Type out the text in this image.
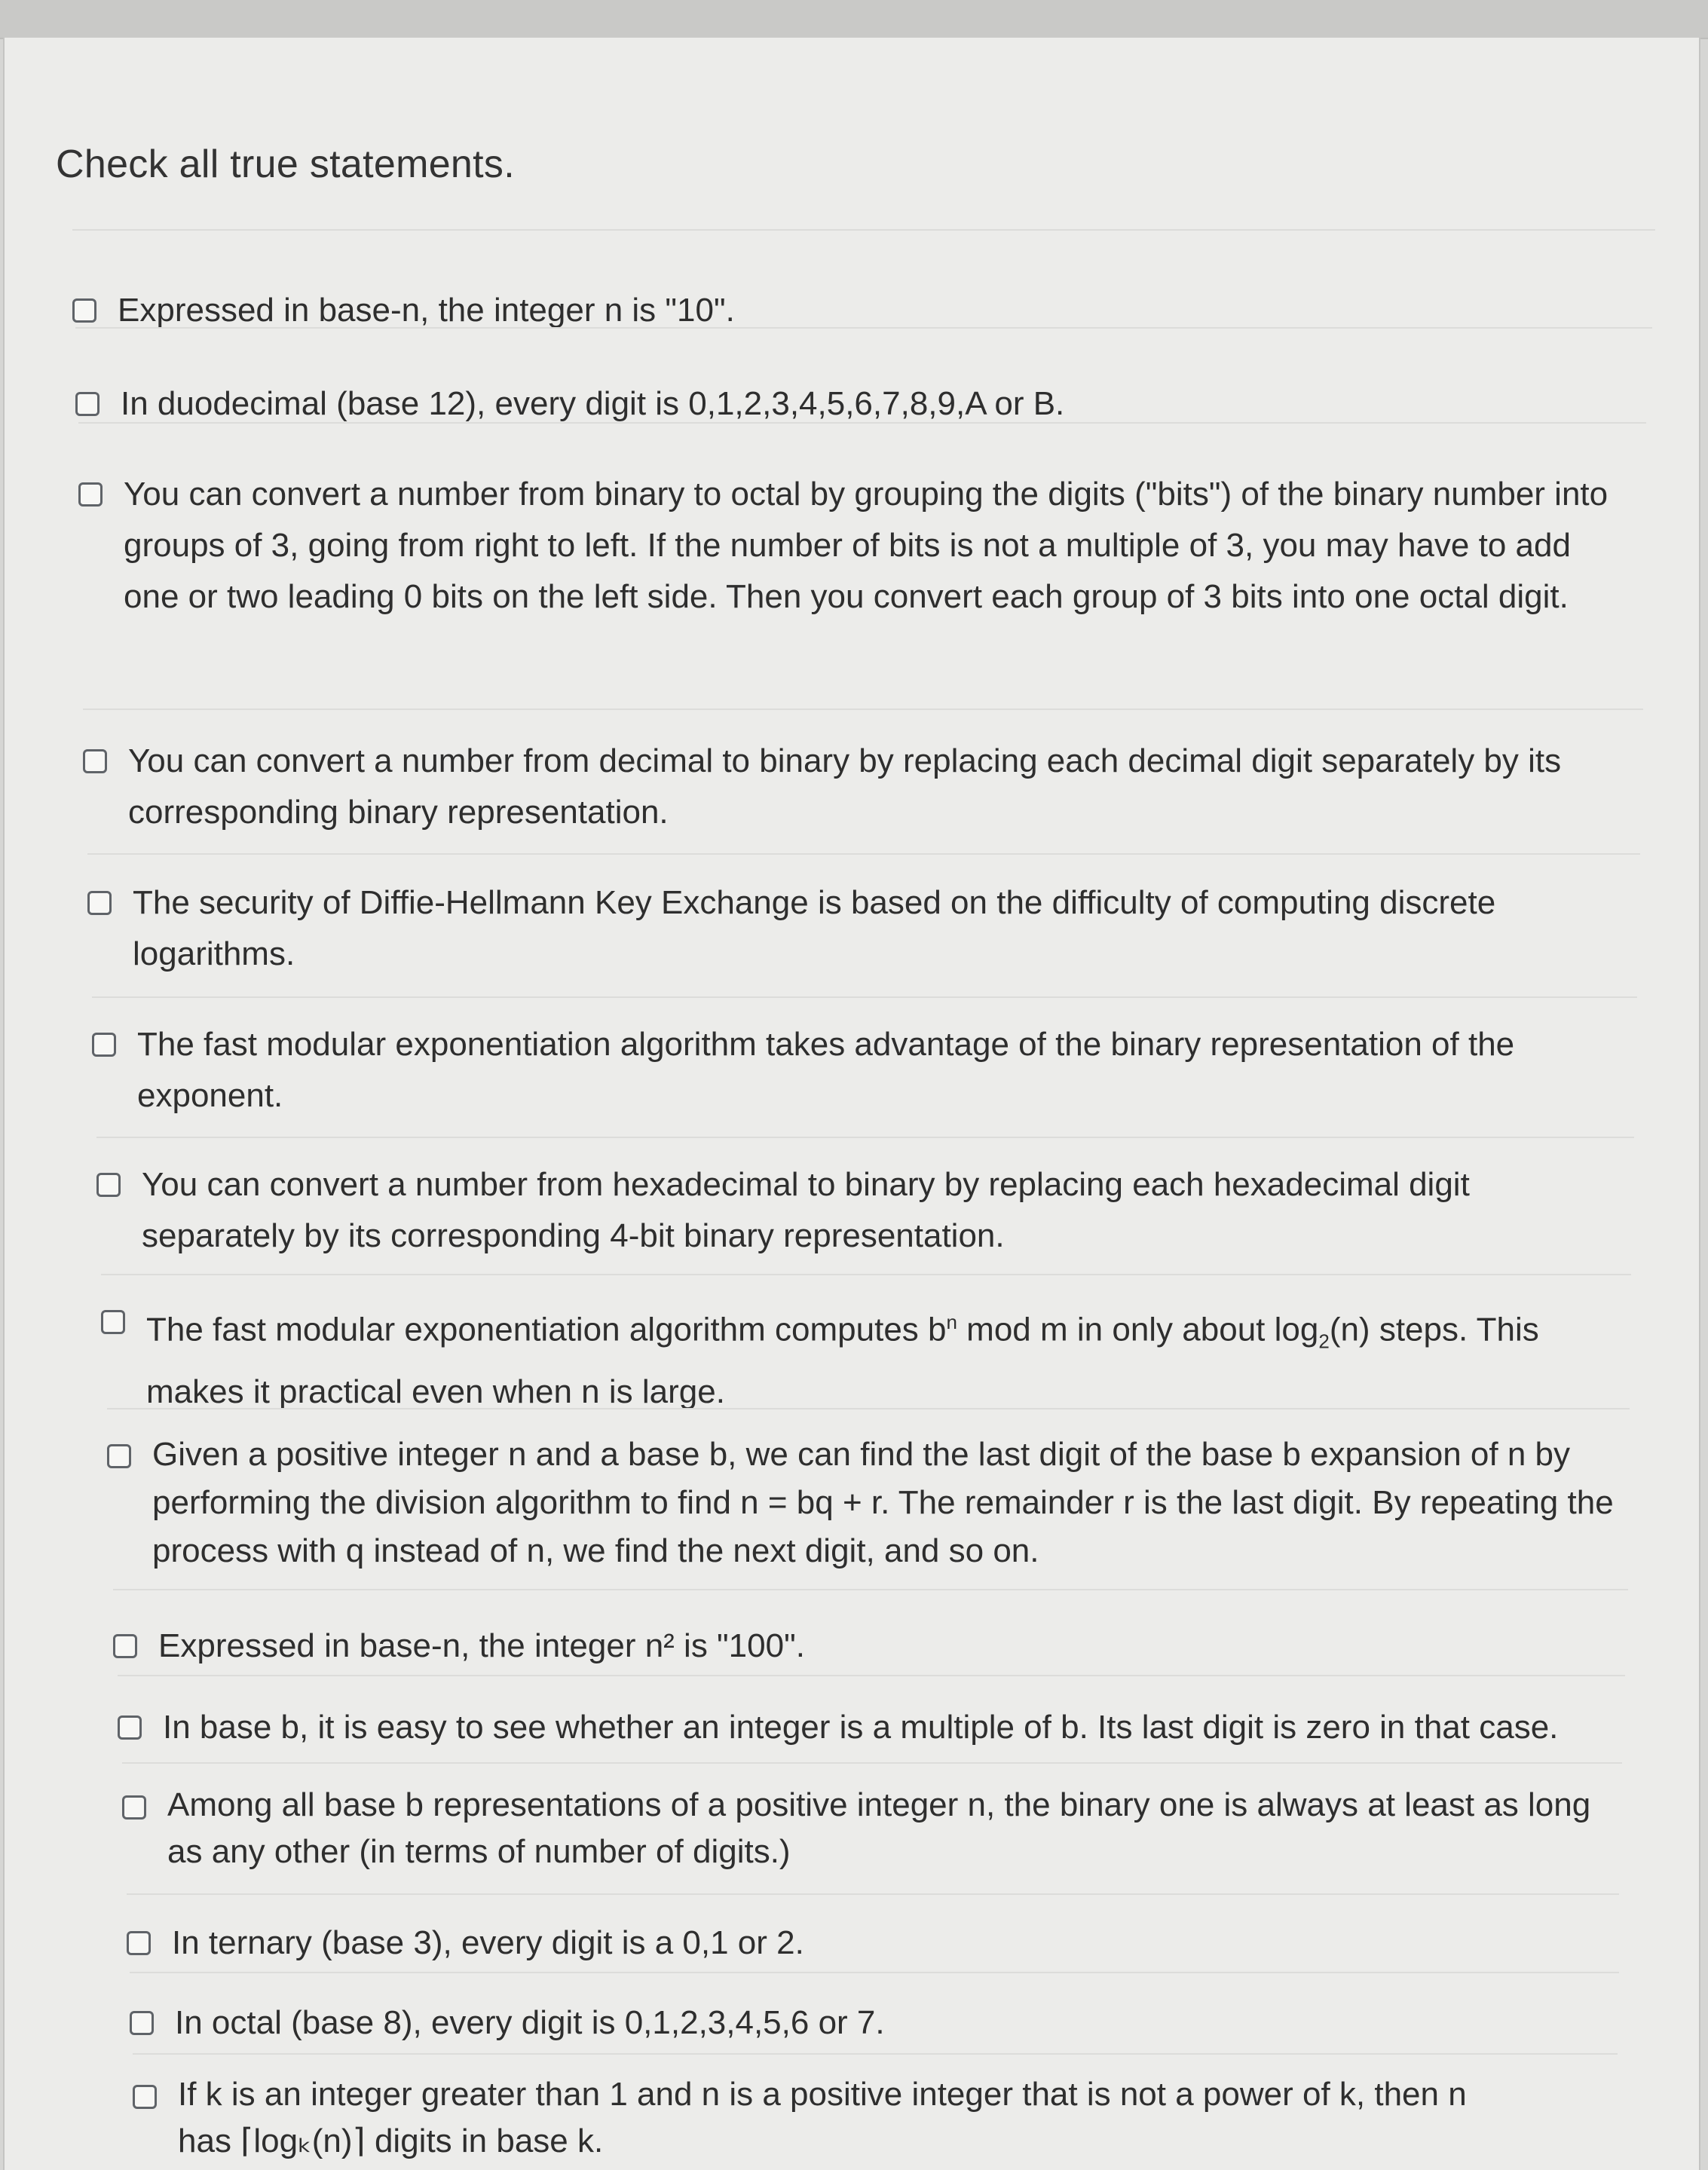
Check all true statements.

Expressed in base-n, the integer n is "10".

In duodecimal (base 12), every digit is 0,1,2,3,4,5,6,7,8,9,A or B.

You can convert a number from binary to octal by grouping the digits ("bits") of the binary number into groups of 3, going from right to left. If the number of bits is not a multiple of 3, you may have to add one or two leading 0 bits on the left side. Then you convert each group of 3 bits into one octal digit.

You can convert a number from decimal to binary by replacing each decimal digit separately by its corresponding binary representation.

The security of Diffie-Hellmann Key Exchange is based on the difficulty of computing discrete logarithms.

The fast modular exponentiation algorithm takes advantage of the binary representation of the exponent.

You can convert a number from hexadecimal to binary by replacing each hexadecimal digit separately by its corresponding 4-bit binary representation.

The fast modular exponentiation algorithm computes $b^n$ mod m in only about $\log_2(n)$ steps. This makes it practical even when n is large.

Given a positive integer n and a base b, we can find the last digit of the base b expansion of n by performing the division algorithm to find n = bq + r. The remainder r is the last digit. By repeating the process with q instead of n, we find the next digit, and so on.

Expressed in base-n, the integer n² is "100".

In base b, it is easy to see whether an integer is a multiple of b. Its last digit is zero in that case.

Among all base b representations of a positive integer n, the binary one is always at least as long as any other (in terms of number of digits.)

In ternary (base 3), every digit is a 0,1 or 2.

In octal (base 8), every digit is 0,1,2,3,4,5,6 or 7.

If k is an integer greater than 1 and n is a positive integer that is not a power of k, then n has ⌈logₖ(n)⌉ digits in base k.
